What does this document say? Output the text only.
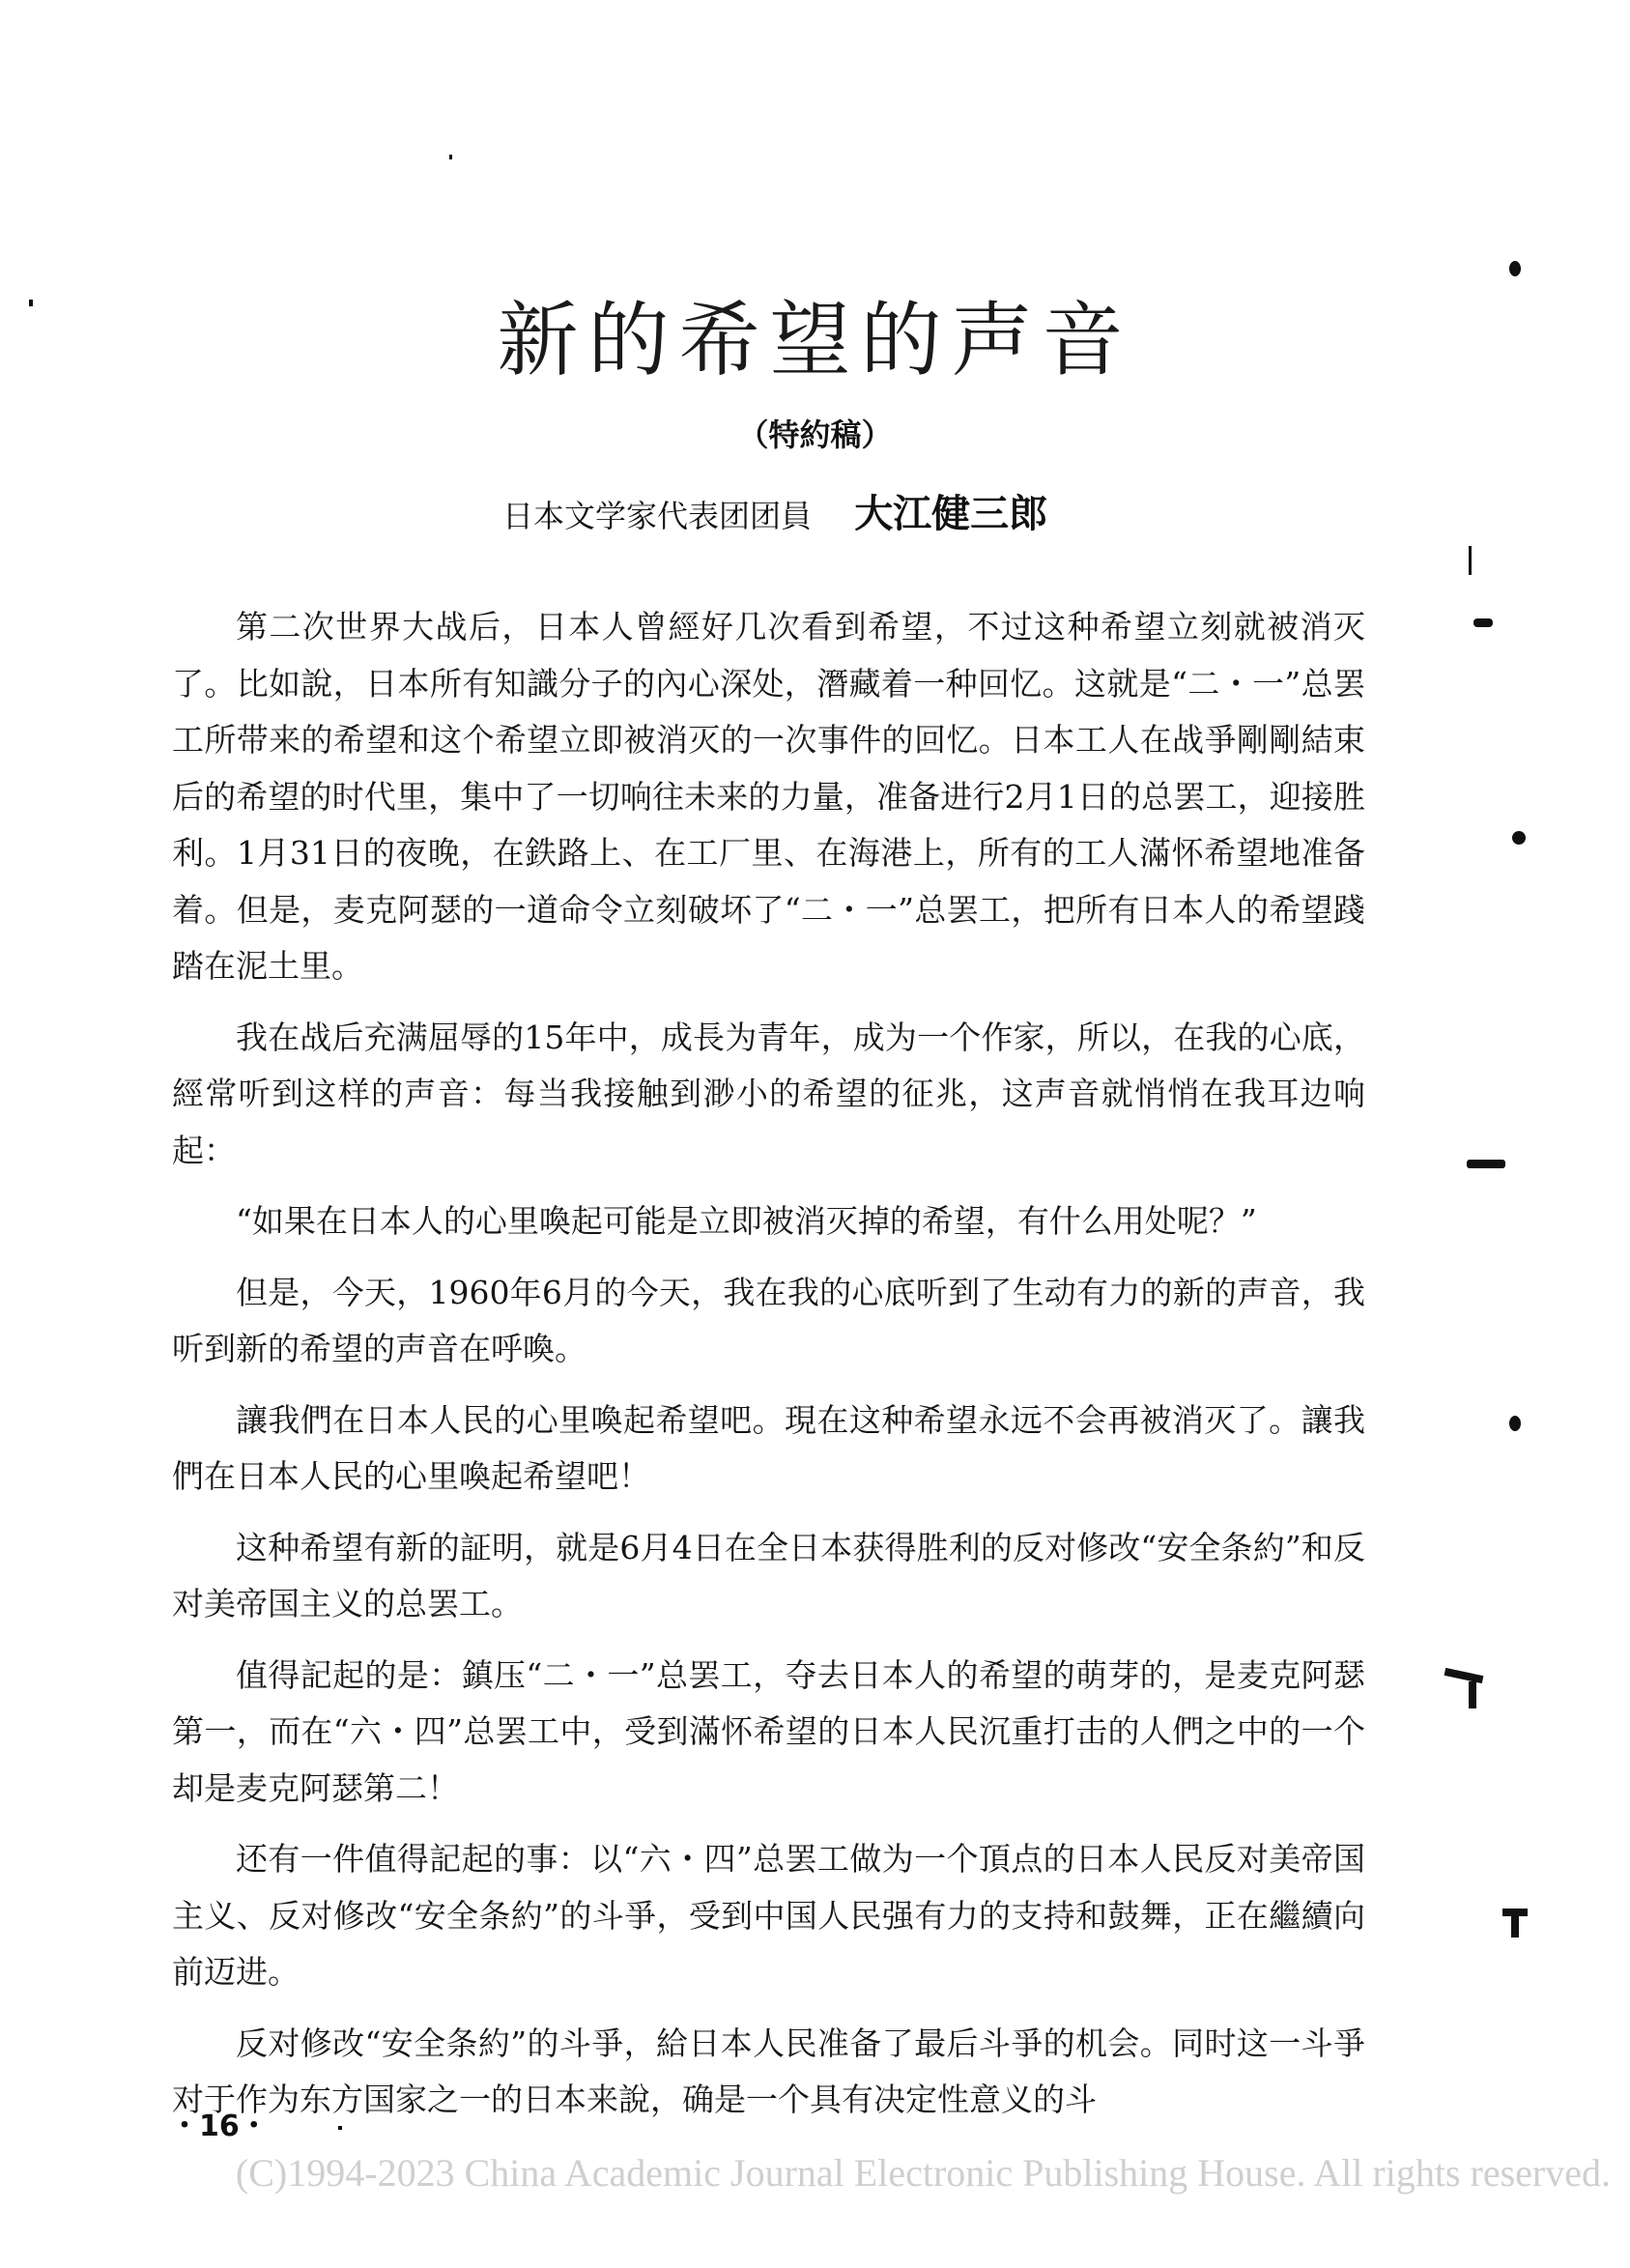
新的希望的声音
（特約稿）
日本文学家代表团团員 大江健三郎

第二次世界大战后，日本人曾經好几次看到希望，不过这种希望立刻就被消灭了。比如說，日本所有知識分子的內心深处，潛藏着一种回忆。这就是“二・一”总罢工所带来的希望和这个希望立即被消灭的一次事件的回忆。日本工人在战爭剛剛結束后的希望的时代里，集中了一切响往未来的力量，准备进行2月1日的总罢工，迎接胜利。1月31日的夜晚，在鉄路上、在工厂里、在海港上，所有的工人滿怀希望地准备着。但是，麦克阿瑟的一道命令立刻破坏了“二・一”总罢工，把所有日本人的希望踐踏在泥土里。

我在战后充满屈辱的15年中，成長为青年，成为一个作家，所以，在我的心底，經常听到这样的声音：每当我接触到渺小的希望的征兆，这声音就悄悄在我耳边响起：

“如果在日本人的心里喚起可能是立即被消灭掉的希望，有什么用处呢？”

但是，今天，1960年6月的今天，我在我的心底听到了生动有力的新的声音，我听到新的希望的声音在呼喚。

讓我們在日本人民的心里喚起希望吧。現在这种希望永远不会再被消灭了。讓我們在日本人民的心里喚起希望吧！

这种希望有新的証明，就是6月4日在全日本获得胜利的反对修改“安全条約”和反对美帝国主义的总罢工。

值得記起的是：鎮压“二・一”总罢工，夺去日本人的希望的萌芽的，是麦克阿瑟第一，而在“六・四”总罢工中，受到滿怀希望的日本人民沉重打击的人們之中的一个却是麦克阿瑟第二！

还有一件值得記起的事：以“六・四”总罢工做为一个頂点的日本人民反对美帝国主义、反对修改“安全条約”的斗爭，受到中国人民强有力的支持和鼓舞，正在繼續向前迈进。

反对修改“安全条約”的斗爭，給日本人民准备了最后斗爭的机会。同时这一斗爭对于作为东方国家之一的日本来說，确是一个具有决定性意义的斗

・16・
(C)1994-2023 China Academic Journal Electronic Publishing House. All rights reserved.
